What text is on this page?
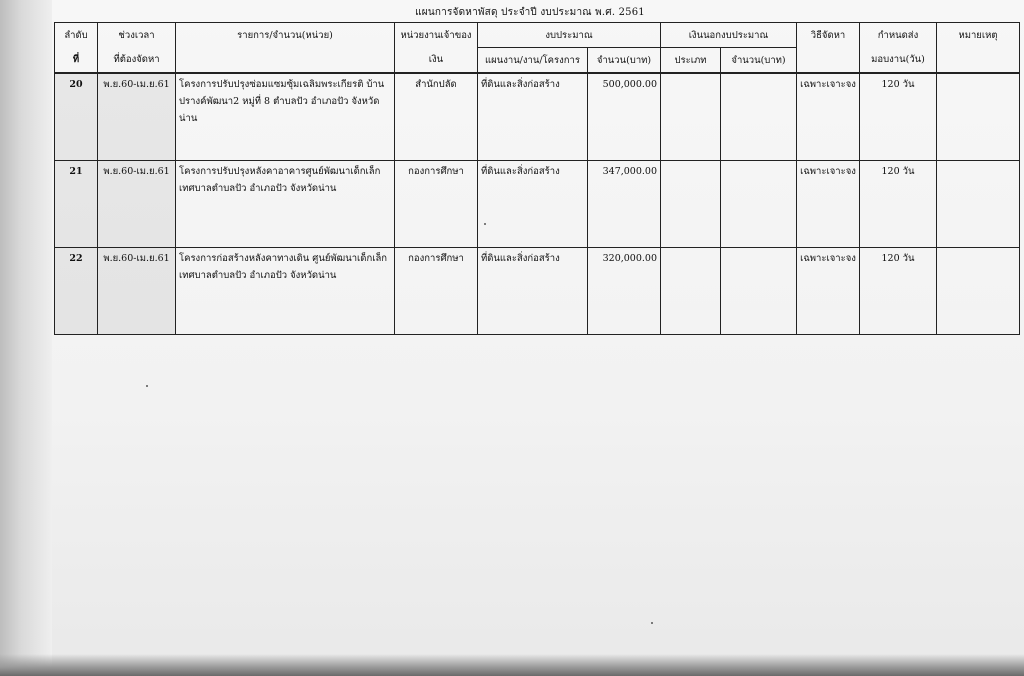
แผนการจัดหาพัสดุ ประจำปี งบประมาณ พ.ศ. 2561
ลำดับ	ช่วงเวลา	รายการ/จำนวน(หน่วย)	หน่วยงานเจ้าของ	งบประมาณ		เงินนอกงบประมาณ		วิธีจัดหา	กำหนดส่ง	หมายเหตุ
ที่	ที่ต้องจัดหา		เงิน	แผนงาน/งาน/โครงการ	จำนวน(บาท)	ประเภท	จำนวน(บาท)		มอบงาน(วัน)	
20	พ.ย.60-เม.ย.61	โครงการปรับปรุงซ่อมแซมซุ้มเฉลิมพระเกียรติ บ้านปรางค์พัฒนา2 หมู่ที่ 8 ตำบลปัว อำเภอปัว จังหวัดน่าน	สำนักปลัด	ที่ดินและสิ่งก่อสร้าง	500,000.00			เฉพาะเจาะจง	120 วัน	
21	พ.ย.60-เม.ย.61	โครงการปรับปรุงหลังคาอาคารศูนย์พัฒนาเด็กเล็ก เทศบาลตำบลปัว อำเภอปัว จังหวัดน่าน	กองการศึกษา	ที่ดินและสิ่งก่อสร้าง	347,000.00			เฉพาะเจาะจง	120 วัน	
22	พ.ย.60-เม.ย.61	โครงการก่อสร้างหลังคาทางเดิน ศูนย์พัฒนาเด็กเล็ก เทศบาลตำบลปัว อำเภอปัว จังหวัดน่าน	กองการศึกษา	ที่ดินและสิ่งก่อสร้าง	320,000.00			เฉพาะเจาะจง	120 วัน	
